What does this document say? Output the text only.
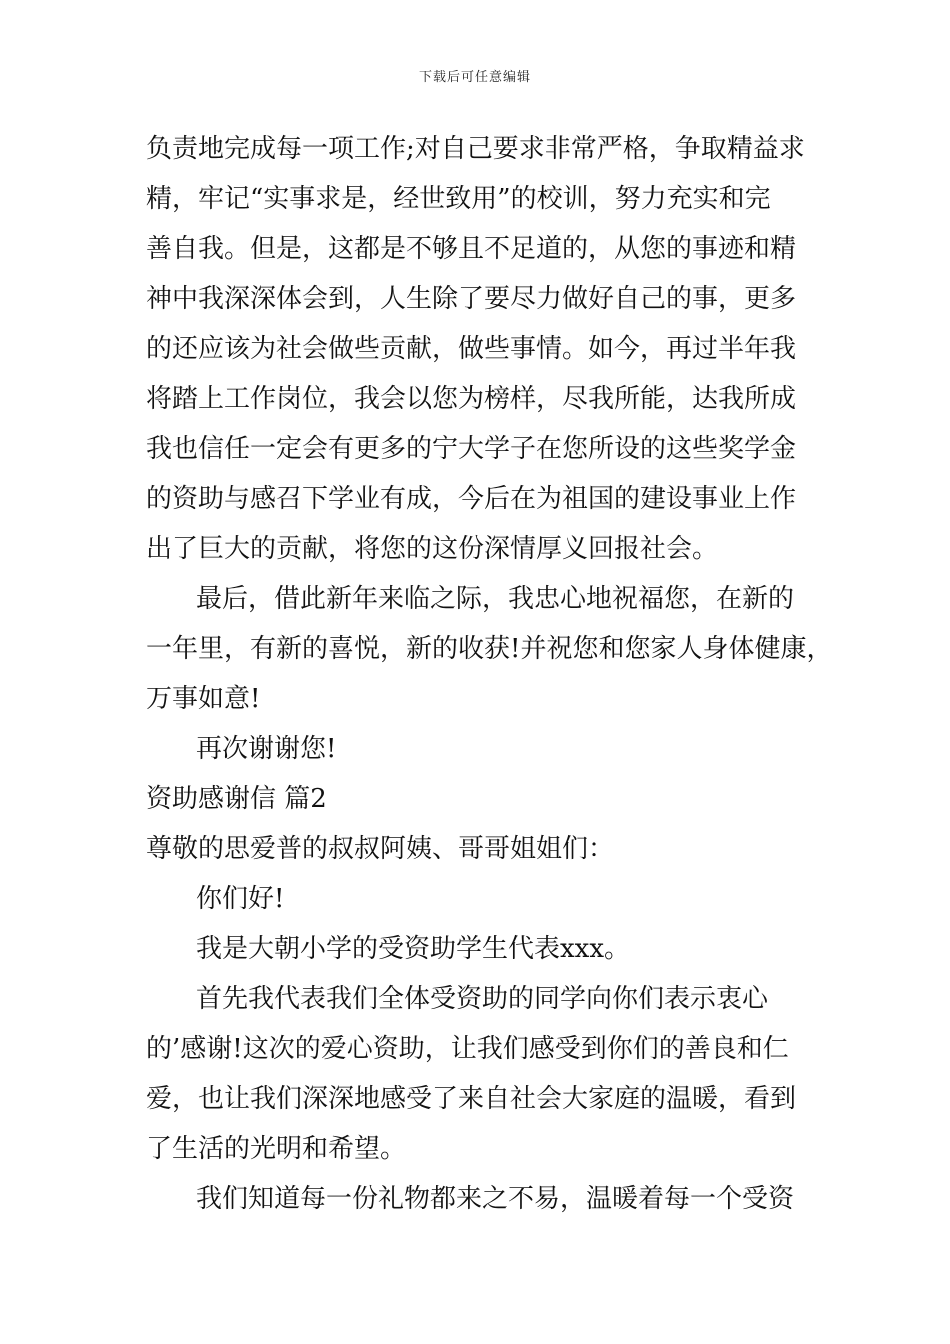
下载后可任意编辑
负责地完成每一项工作;对自己要求非常严格，争取精益求
精，牢记“实事求是，经世致用”的校训，努力充实和完
善自我。但是，这都是不够且不足道的，从您的事迹和精
神中我深深体会到，人生除了要尽力做好自己的事，更多
的还应该为社会做些贡献，做些事情。如今，再过半年我
将踏上工作岗位，我会以您为榜样，尽我所能，达我所成
我也信任一定会有更多的宁大学子在您所设的这些奖学金
的资助与感召下学业有成，今后在为祖国的建设事业上作
出了巨大的贡献，将您的这份深情厚义回报社会。
最后，借此新年来临之际，我忠心地祝福您，在新的
一年里，有新的喜悦，新的收获!并祝您和您家人身体健康，
万事如意!
再次谢谢您!
资助感谢信 篇2
尊敬的思爱普的叔叔阿姨、哥哥姐姐们：
你们好!
我是大朝小学的受资助学生代表xxx。
首先我代表我们全体受资助的同学向你们表示衷心
的’感谢!这次的爱心资助，让我们感受到你们的善良和仁
爱，也让我们深深地感受了来自社会大家庭的温暖，看到
了生活的光明和希望。
我们知道每一份礼物都来之不易，温暖着每一个受资
